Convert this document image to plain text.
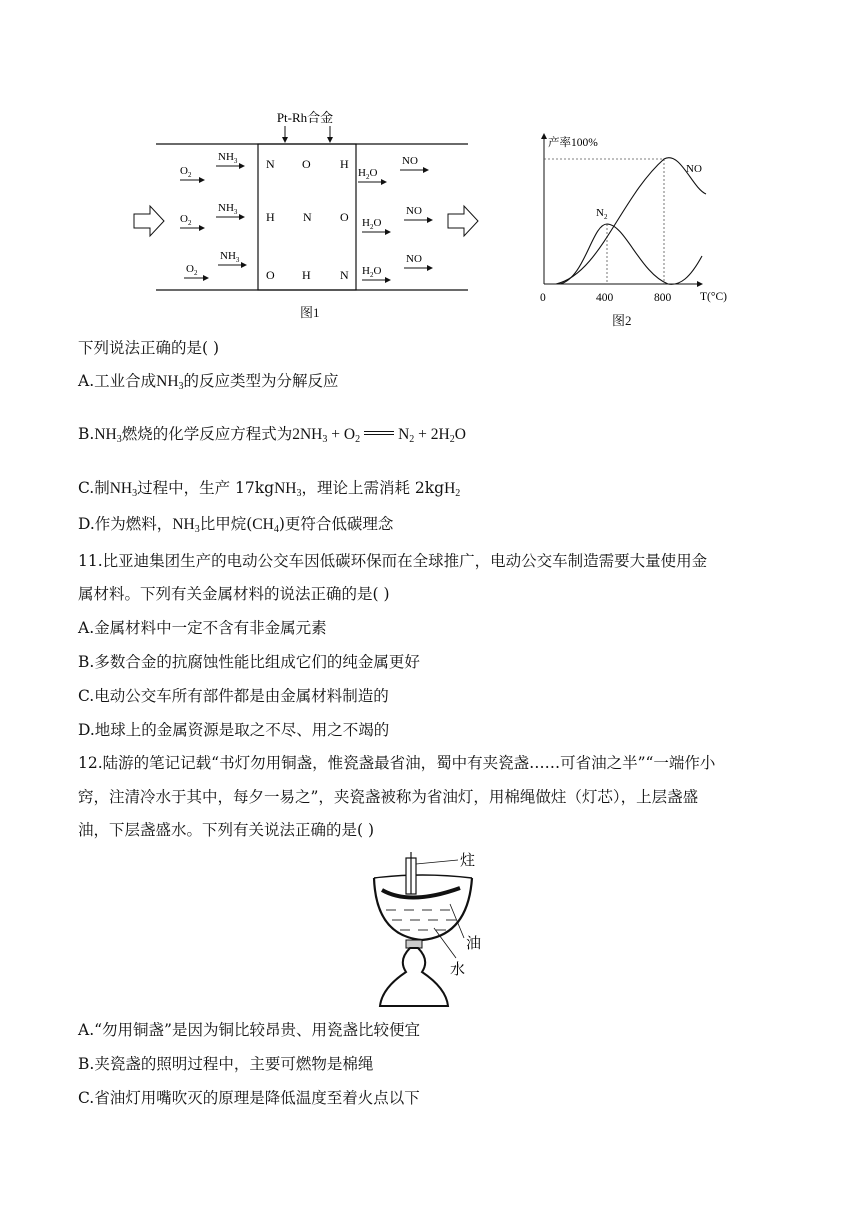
Pt-Rh合金
N O H
H N O
O H N
$O_2$
$NH_3$
$O_2$
$NH_3$
$O_2$
$NH_3$
$H_2O$
NO
$H_2O$
NO
$H_2O$
NO
图1
产率100%
T(°C)
0	400	800
NO
$N_2$
图2
下列说法正确的是( )
A.工业合成$NH_3$的反应类型为分解反应
$B.NH_3$燃烧的化学反应方程式为$2NH_3 + O_2$ $N_2 + 2H_2O$
C.制$NH_3$过程中，生产 17kgNH$_3$，理论上需消耗 2kgH$_2$
D.作为燃料，$NH_3$比甲烷$(CH_4)$更符合低碳理念
11.比亚迪集团生产的电动公交车因低碳环保而在全球推广，电动公交车制造需要大量使用金
属材料。下列有关金属材料的说法正确的是( )
A.金属材料中一定不含有非金属元素
B.多数合金的抗腐蚀性能比组成它们的纯金属更好
C.电动公交车所有部件都是由金属材料制造的
D.地球上的金属资源是取之不尽、用之不竭的
12.陆游的笔记记载“书灯勿用铜盏，惟瓷盏最省油，蜀中有夹瓷盏……可省油之半”“一端作小
窍，注清冷水于其中，每夕一易之”，夹瓷盏被称为省油灯，用棉绳做炷（灯芯），上层盏盛
油，下层盏盛水。下列有关说法正确的是( )
炷
油
水
A.“勿用铜盏”是因为铜比较昂贵、用瓷盏比较便宜
B.夹瓷盏的照明过程中，主要可燃物是棉绳
C.省油灯用嘴吹灭的原理是降低温度至着火点以下
